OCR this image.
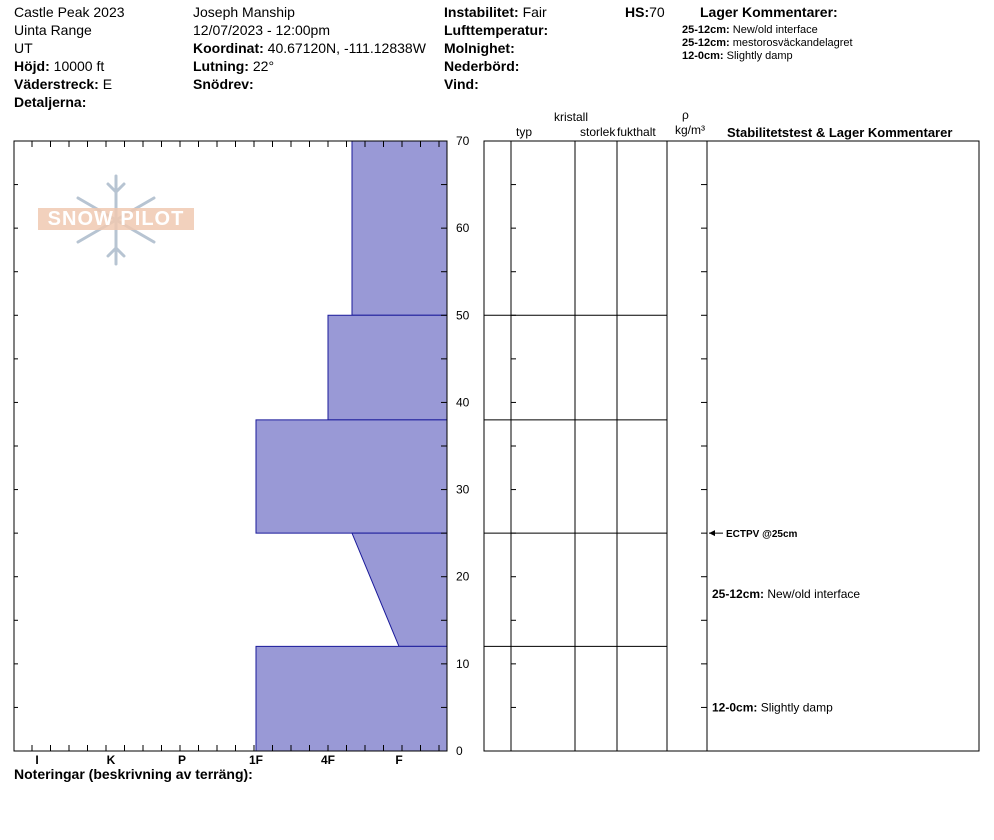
Castle Peak 2023
Uinta Range
UT
Höjd: 10000 ft
Väderstreck: E
Detaljerna:
Joseph Manship
12/07/2023 - 12:00pm
Koordinat: 40.67120N, -111.12838W
Lutning: 22°
Snödrev:
Instabilitet: Fair
Lufttemperatur:
Molnighet:
Nederbörd:
Vind:
HS:70	Lager Kommentarer:
25-12cm: New/old interface
25-12cm: mestorosväckandelagret
12-0cm: Slightly damp
kristall
typ	storlek fukthalt
ρ
kg/m³ Stabilitetstest & Lager Kommentarer
SNOW PILOT
0
10
20
30
40
50
60
70
I	K	P	1F	4F	F
ECTPV @25cm
25-12cm: New/old interface
12-0cm: Slightly damp
Noteringar (beskrivning av terräng):
